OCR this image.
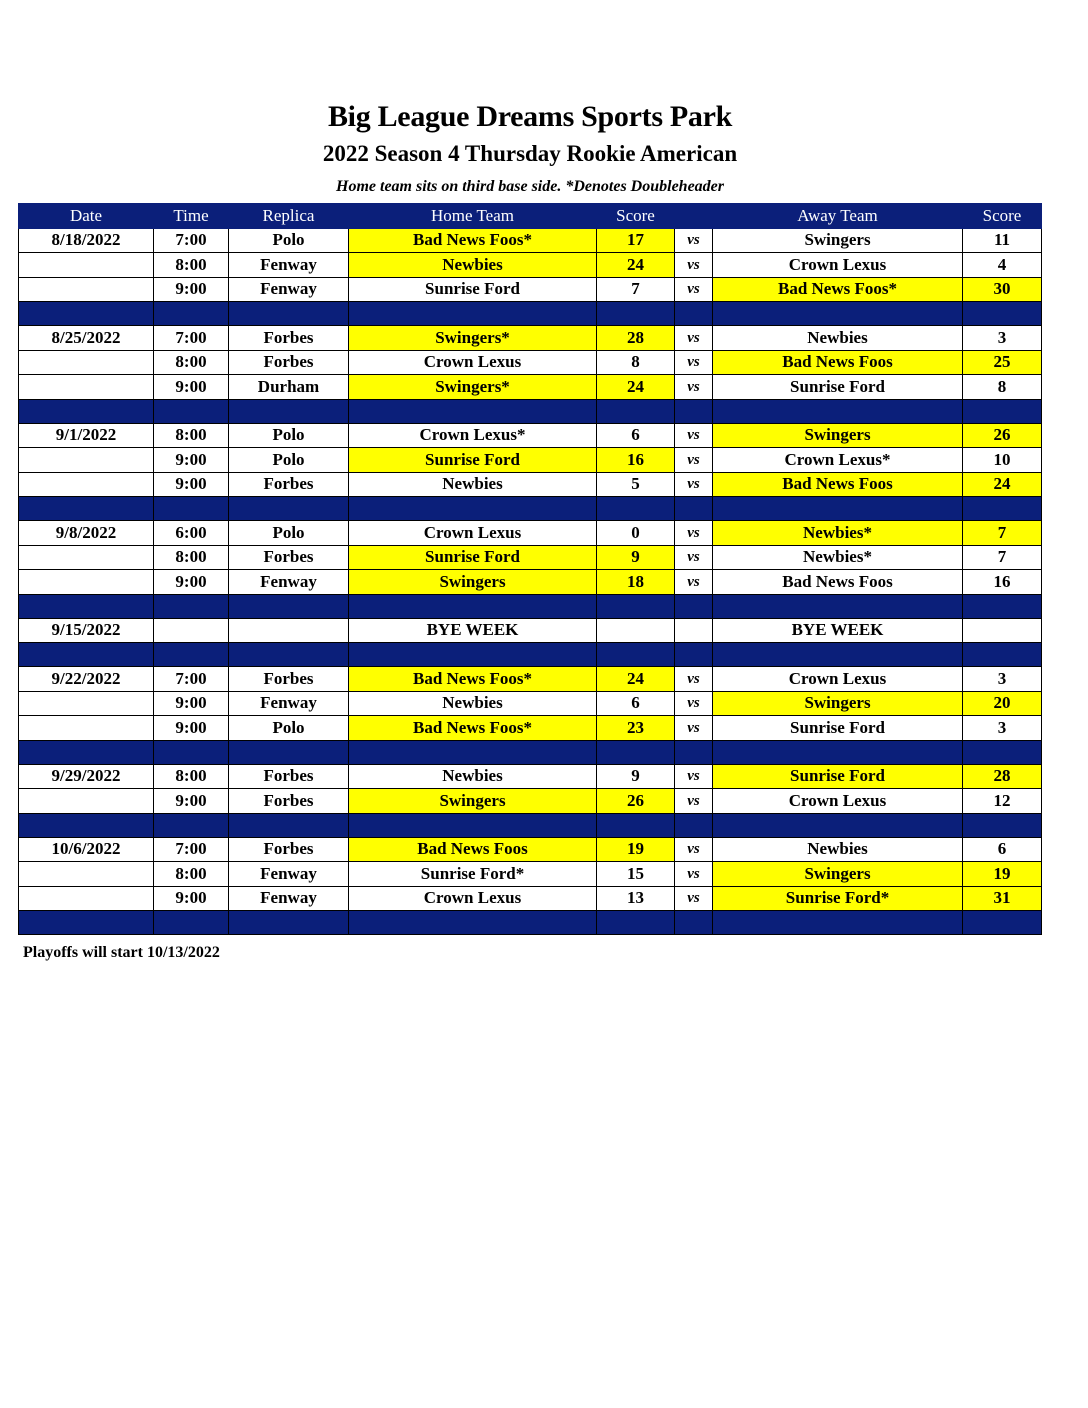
Big League Dreams Sports Park
2022 Season 4 Thursday Rookie American
Home team sits on third base side. *Denotes Doubleheader
Date	Time	Replica	Home Team	Score		Away Team	Score
8/18/2022	7:00	Polo	Bad News Foos*	17	vs	Swingers	11
	8:00	Fenway	Newbies	24	vs	Crown Lexus	4
	9:00	Fenway	Sunrise Ford	7	vs	Bad News Foos*	30

8/25/2022	7:00	Forbes	Swingers*	28	vs	Newbies	3
	8:00	Forbes	Crown Lexus	8	vs	Bad News Foos	25
	9:00	Durham	Swingers*	24	vs	Sunrise Ford	8

9/1/2022	8:00	Polo	Crown Lexus*	6	vs	Swingers	26
	9:00	Polo	Sunrise Ford	16	vs	Crown Lexus*	10
	9:00	Forbes	Newbies	5	vs	Bad News Foos	24

9/8/2022	6:00	Polo	Crown Lexus	0	vs	Newbies*	7
	8:00	Forbes	Sunrise Ford	9	vs	Newbies*	7
	9:00	Fenway	Swingers	18	vs	Bad News Foos	16

9/15/2022			BYE WEEK			BYE WEEK	

9/22/2022	7:00	Forbes	Bad News Foos*	24	vs	Crown Lexus	3
	9:00	Fenway	Newbies	6	vs	Swingers	20
	9:00	Polo	Bad News Foos*	23	vs	Sunrise Ford	3

9/29/2022	8:00	Forbes	Newbies	9	vs	Sunrise Ford	28
	9:00	Forbes	Swingers	26	vs	Crown Lexus	12

10/6/2022	7:00	Forbes	Bad News Foos	19	vs	Newbies	6
	8:00	Fenway	Sunrise Ford*	15	vs	Swingers	19
	9:00	Fenway	Crown Lexus	13	vs	Sunrise Ford*	31

Playoffs will start 10/13/2022
